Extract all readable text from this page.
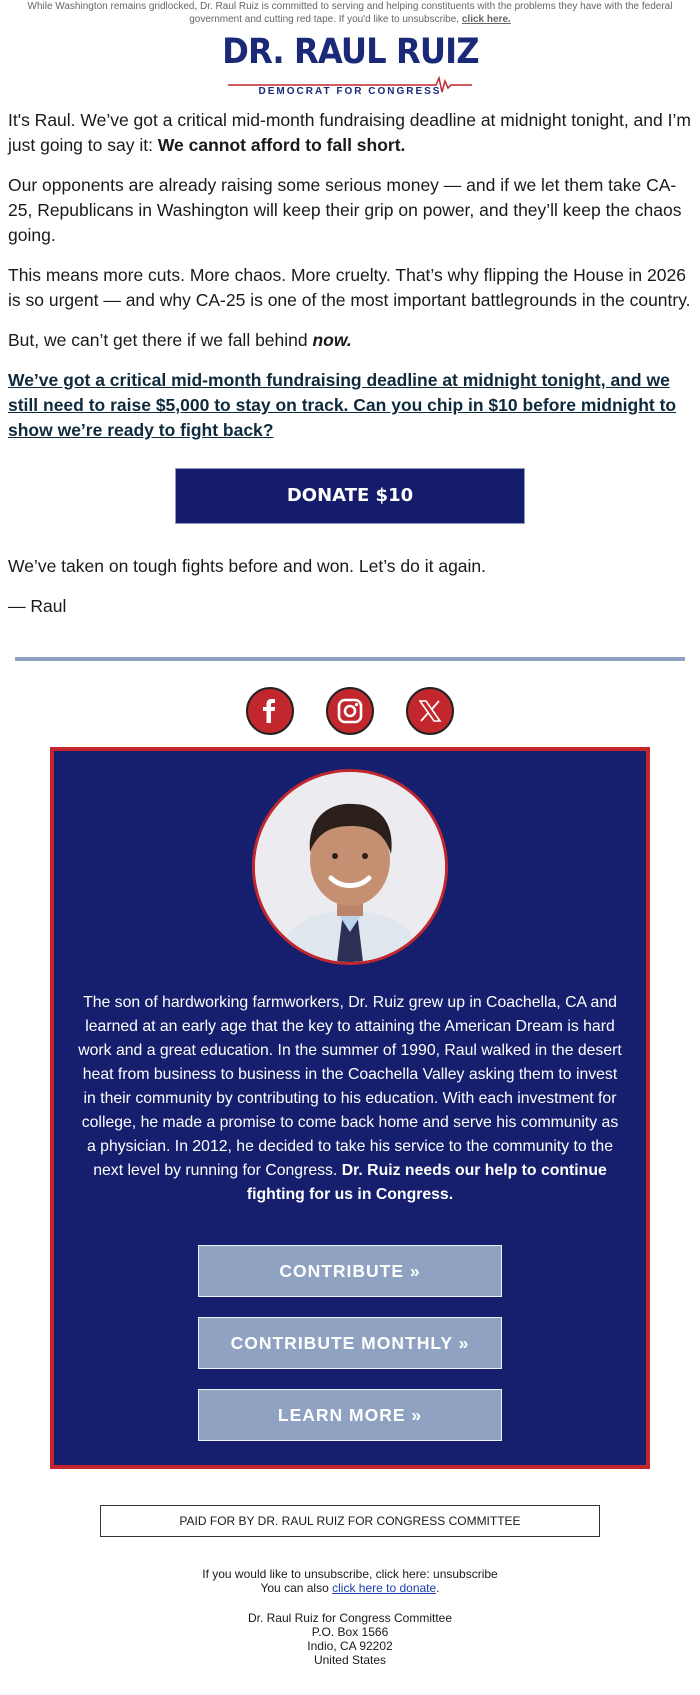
While Washington remains gridlocked, Dr. Raul Ruiz is committed to serving and helping constituents with the problems they have with the federal government and cutting red tape. If you'd like to unsubscribe, click here.
DR. RAUL RUIZ
DEMOCRAT FOR CONGRESS

It's Raul. We’ve got a critical mid-month fundraising deadline at midnight tonight, and I’m just going to say it: We cannot afford to fall short.

Our opponents are already raising some serious money — and if we let them take CA-25, Republicans in Washington will keep their grip on power, and they’ll keep the chaos going.

This means more cuts. More chaos. More cruelty. That’s why flipping the House in 2026 is so urgent — and why CA-25 is one of the most important battlegrounds in the country.

But, we can’t get there if we fall behind now.

We’ve got a critical mid-month fundraising deadline at midnight tonight, and we still need to raise $5,000 to stay on track. Can you chip in $10 before midnight to show we’re ready to fight back?

DONATE $10

We’ve taken on tough fights before and won. Let’s do it again.

— Raul

The son of hardworking farmworkers, Dr. Ruiz grew up in Coachella, CA and learned at an early age that the key to attaining the American Dream is hard work and a great education. In the summer of 1990, Raul walked in the desert heat from business to business in the Coachella Valley asking them to invest in their community by contributing to his education. With each investment for college, he made a promise to come back home and serve his community as a physician. In 2012, he decided to take his service to the community to the next level by running for Congress. Dr. Ruiz needs our help to continue fighting for us in Congress.
CONTRIBUTE »
CONTRIBUTE MONTHLY »
LEARN MORE »
PAID FOR BY DR. RAUL RUIZ FOR CONGRESS COMMITTEE
If you would like to unsubscribe, click here: unsubscribe
You can also click here to donate.
Dr. Raul Ruiz for Congress Committee
P.O. Box 1566
Indio, CA 92202
United States
